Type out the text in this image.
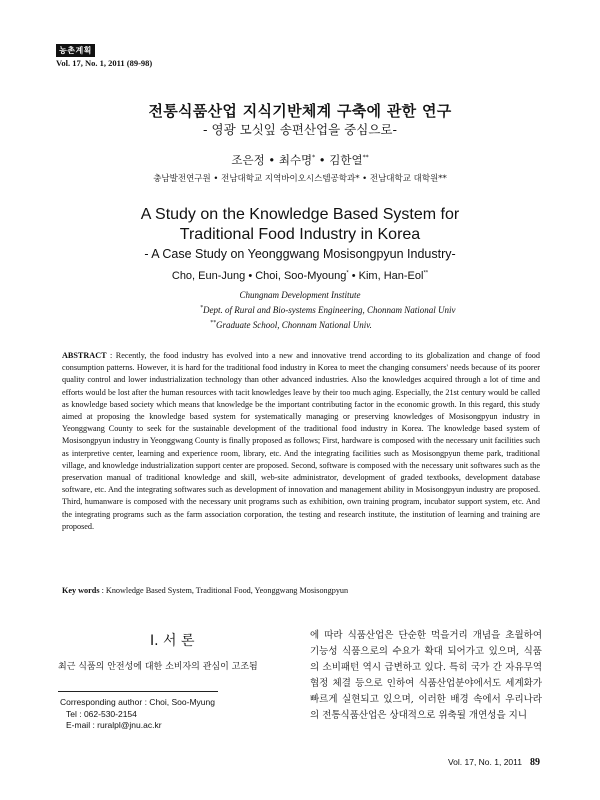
농촌계획
Vol. 17, No. 1, 2011 (89-98)
전통식품산업 지식기반체계 구축에 관한 연구
- 영광 모싯잎 송편산업을 중심으로-
조은정 • 최수명* • 김한열**
충남발전연구원 • 전남대학교 지역바이오시스템공학과* • 전남대학교 대학원**
A Study on the Knowledge Based System for
Traditional Food Industry in Korea
- A Case Study on Yeonggwang Mosisongpyun Industry-
Cho, Eun-Jung • Choi, Soo-Myoung* • Kim, Han-Eol**
Chungnam Development Institute
*Dept. of Rural and Bio-systems Engineering, Chonnam National Univ
**Graduate School, Chonnam National Univ.
ABSTRACT : Recently, the food industry has evolved into a new and innovative trend according to its globalization and change of food consumption patterns. However, it is hard for the traditional food industry in Korea to meet the changing consumers' needs because of its poorer quality control and lower industrialization technology than other advanced industries. Also the knowledges acquired through a lot of time and efforts would be lost after the human resources with tacit knowledges leave by their too much aging. Especially, the 21st century would be called as knowledge based society which means that knowledge be the important contributing factor in the economic growth. In this regard, this study aimed at proposing the knowledge based system for systematically managing or preserving knowledges of Mosisongpyun industry in Yeonggwang County to seek for the sustainable development of the traditional food industry in Korea. The knowledge based system of Mosisongpyun industry in Yeonggwang County is finally proposed as follows; First, hardware is composed with the necessary unit facilities such as interpretive center, learning and experience room, library, etc. And the integrating facilities such as Mosisongpyun theme park, traditional village, and knowledge industrialization support center are proposed. Second, software is composed with the necessary unit softwares such as the preservation manual of traditional knowledge and skill, web-site administrator, development of graded textbooks, development database software, etc. And the integrating softwares such as development of innovation and management ability in Mosisongpyun industry are proposed. Third, humanware is composed with the necessary unit programs such as exhibition, own training program, incubator support system, etc. And the integrating programs such as the farm association corporation, the testing and research institute, the institution of learning and training are proposed.
Key words : Knowledge Based System, Traditional Food, Yeonggwang Mosisongpyun
Ⅰ. 서 론
최근 식품의 안전성에 대한 소비자의 관심이 고조됨
Corresponding author : Choi, Soo-Myung
Tel : 062-530-2154
E-mail : ruralpl@jnu.ac.kr
에 따라 식품산업은 단순한 먹을거리 개념을 초월하여 기능성 식품으로의 수요가 확대 되어가고 있으며, 식품의 소비패턴 역시 급변하고 있다. 특히 국가 간 자유무역협정 체결 등으로 인하여 식품산업분야에서도 세계화가 빠르게 실현되고 있으며, 이러한 배경 속에서 우리나라의 전통식품산업은 상대적으로 위축될 개연성을 지니
Vol. 17, No. 1, 2011 89
